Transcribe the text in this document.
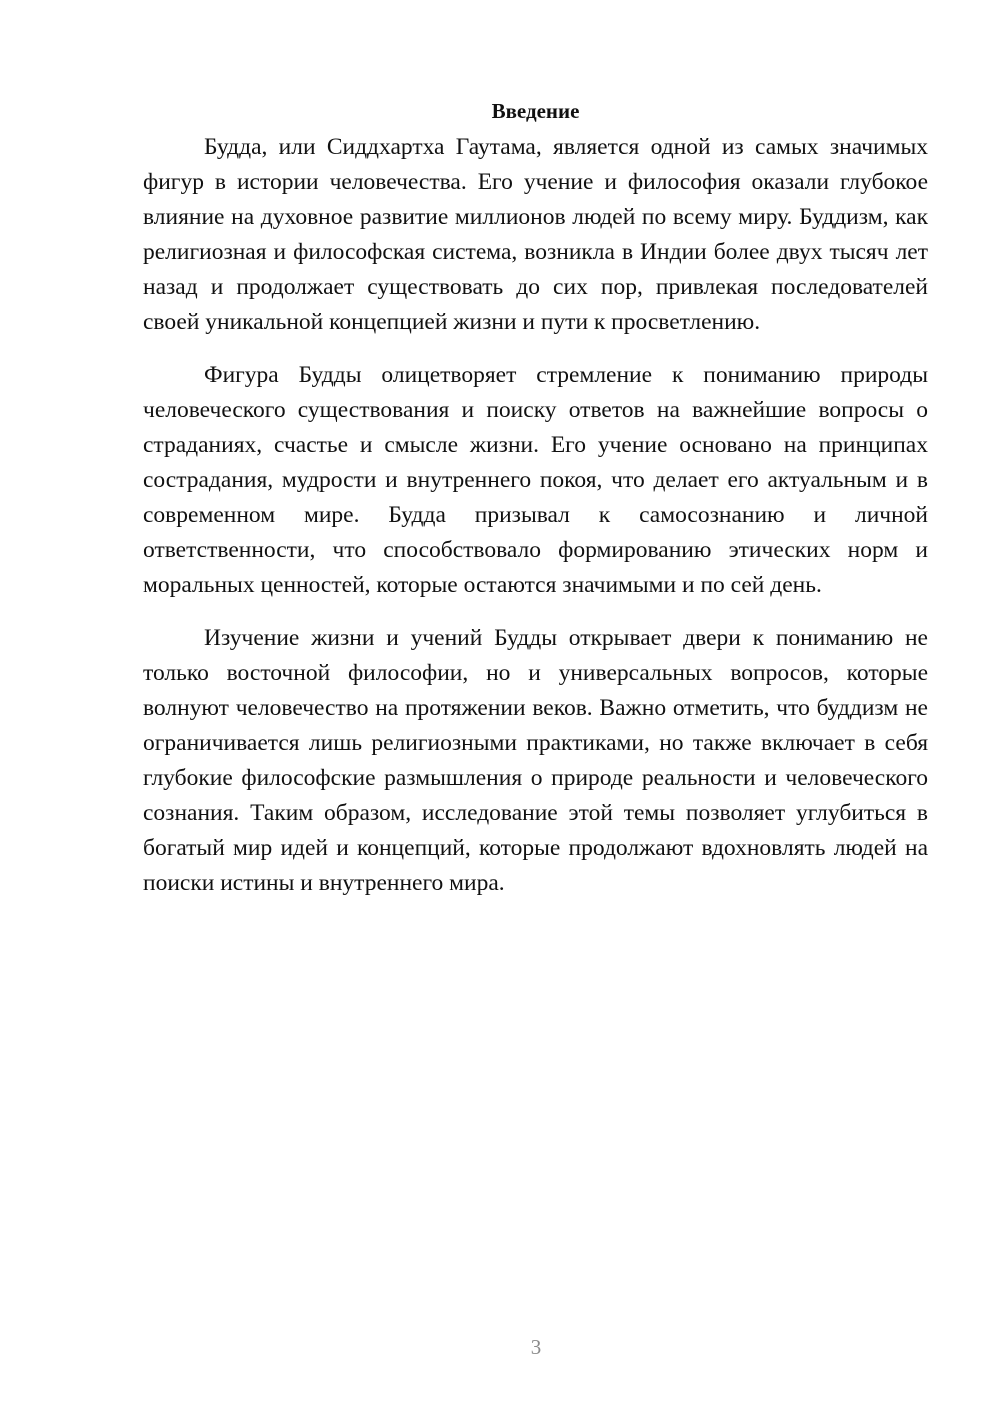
Введение

Будда, или Сиддхартха Гаутама, является одной из самых значимых фигур в истории человечества. Его учение и философия оказали глубокое влияние на духовное развитие миллионов людей по всему миру. Буддизм, как религиозная и философская система, возникла в Индии более двух тысяч лет назад и продолжает существовать до сих пор, привлекая последователей своей уникальной концепцией жизни и пути к просветлению.

Фигура Будды олицетворяет стремление к пониманию природы человеческого существования и поиску ответов на важнейшие вопросы о страданиях, счастье и смысле жизни. Его учение основано на принципах сострадания, мудрости и внутреннего покоя, что делает его актуальным и в современном мире. Будда призывал к самосознанию и личной ответственности, что способствовало формированию этических норм и моральных ценностей, которые остаются значимыми и по сей день.

Изучение жизни и учений Будды открывает двери к пониманию не только восточной философии, но и универсальных вопросов, которые волнуют человечество на протяжении веков. Важно отметить, что буддизм не ограничивается лишь религиозными практиками, но также включает в себя глубокие философские размышления о природе реальности и человеческого сознания. Таким образом, исследование этой темы позволяет углубиться в богатый мир идей и концепций, которые продолжают вдохновлять людей на поиски истины и внутреннего мира.

3
